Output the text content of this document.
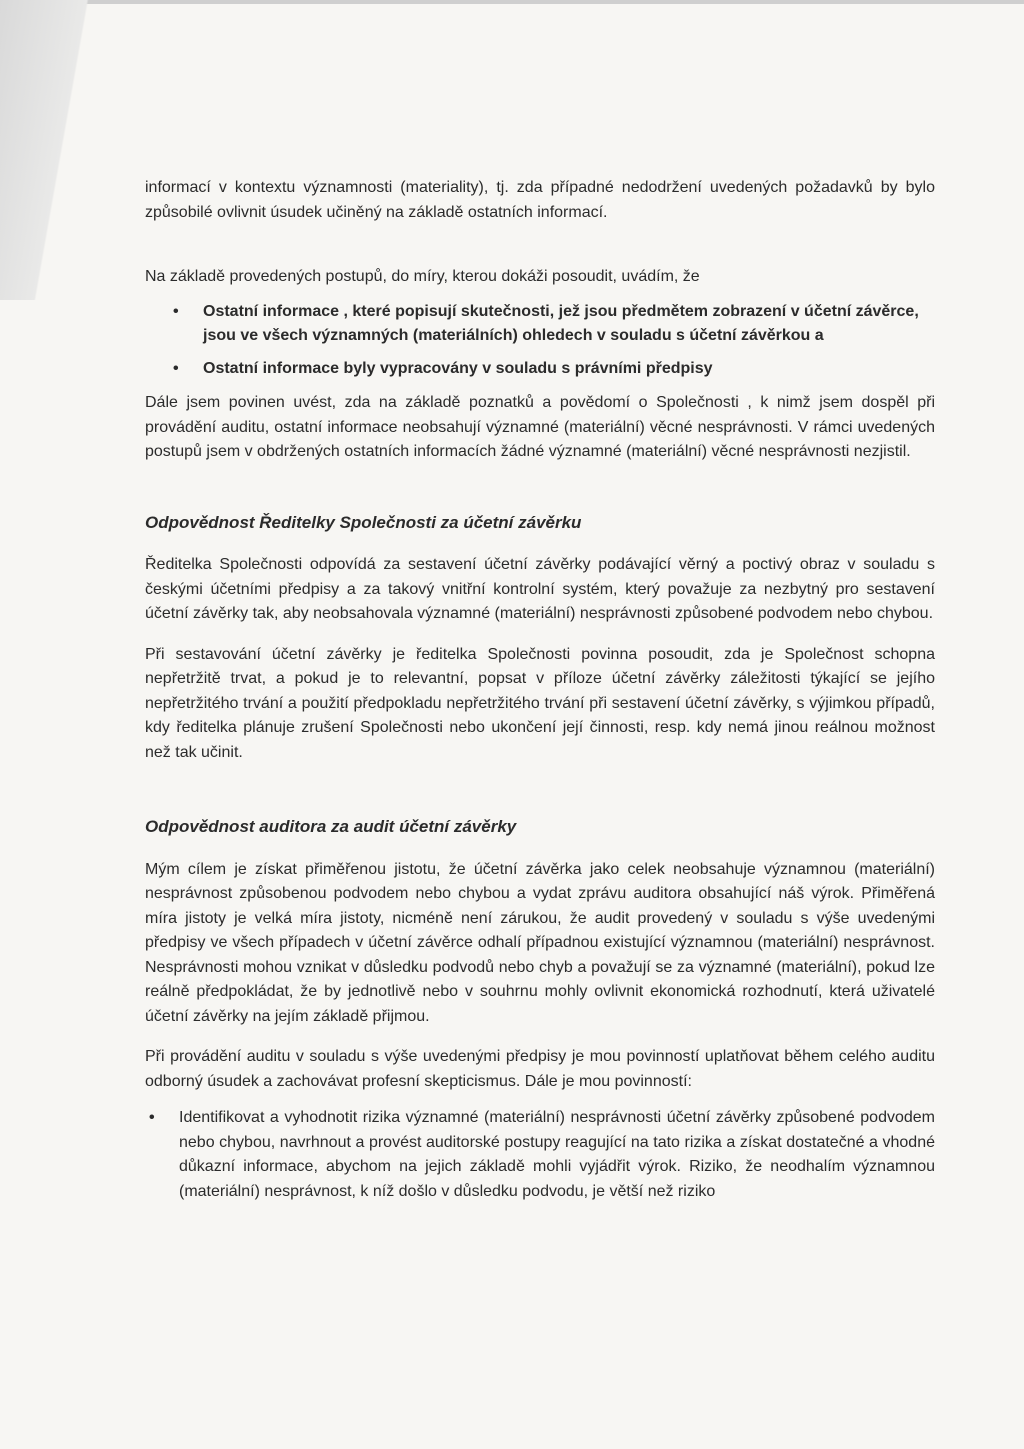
informací v kontextu významnosti (materiality), tj. zda případné nedodržení uvedených požadavků by bylo způsobilé ovlivnit úsudek učiněný na základě ostatních informací.

Na základě provedených postupů, do míry, kterou dokáži posoudit, uvádím, že

• Ostatní informace , které popisují skutečnosti, jež jsou předmětem zobrazení v účetní závěrce, jsou ve všech významných (materiálních) ohledech v souladu s účetní závěrkou a
• Ostatní informace byly vypracovány v souladu s právními předpisy

Dále jsem povinen uvést, zda na základě poznatků a povědomí o Společnosti , k nimž jsem dospěl při provádění auditu, ostatní informace neobsahují významné (materiální) věcné nesprávnosti. V rámci uvedených postupů jsem v obdržených ostatních informacích žádné významné (materiální) věcné nesprávnosti nezjistil.

Odpovědnost Ředitelky Společnosti za účetní závěrku

Ředitelka Společnosti odpovídá za sestavení účetní závěrky podávající věrný a poctivý obraz v souladu s českými účetními předpisy a za takový vnitřní kontrolní systém, který považuje za nezbytný pro sestavení účetní závěrky tak, aby neobsahovala významné (materiální) nesprávnosti způsobené podvodem nebo chybou.

Při sestavování účetní závěrky je ředitelka Společnosti povinna posoudit, zda je Společnost schopna nepřetržitě trvat, a pokud je to relevantní, popsat v příloze účetní závěrky záležitosti týkající se jejího nepřetržitého trvání a použití předpokladu nepřetržitého trvání při sestavení účetní závěrky, s výjimkou případů, kdy ředitelka plánuje zrušení Společnosti nebo ukončení její činnosti, resp. kdy nemá jinou reálnou možnost než tak učinit.

Odpovědnost auditora za audit účetní závěrky

Mým cílem je získat přiměřenou jistotu, že účetní závěrka jako celek neobsahuje významnou (materiální) nesprávnost způsobenou podvodem nebo chybou a vydat zprávu auditora obsahující náš výrok. Přiměřená míra jistoty je velká míra jistoty, nicméně není zárukou, že audit provedený v souladu s výše uvedenými předpisy ve všech případech v účetní závěrce odhalí případnou existující významnou (materiální) nesprávnost. Nesprávnosti mohou vznikat v důsledku podvodů nebo chyb a považují se za významné (materiální), pokud lze reálně předpokládat, že by jednotlivě nebo v souhrnu mohly ovlivnit ekonomická rozhodnutí, která uživatelé účetní závěrky na jejím základě přijmou.

Při provádění auditu v souladu s výše uvedenými předpisy je mou povinností uplatňovat během celého auditu odborný úsudek a zachovávat profesní skepticismus. Dále je mou povinností:

• Identifikovat a vyhodnotit rizika významné (materiální) nesprávnosti účetní závěrky způsobené podvodem nebo chybou, navrhnout a provést auditorské postupy reagující na tato rizika a získat dostatečné a vhodné důkazní informace, abychom na jejich základě mohli vyjádřit výrok. Riziko, že neodhalím významnou (materiální) nesprávnost, k níž došlo v důsledku podvodu, je větší než riziko
